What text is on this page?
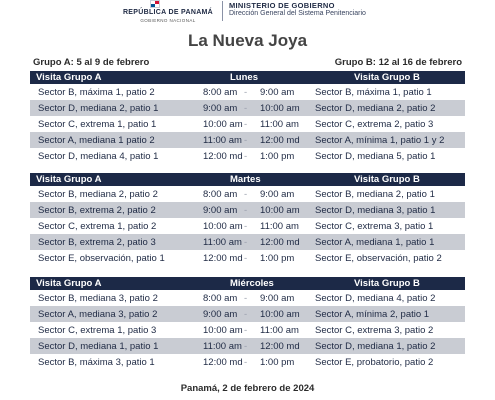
REPÚBLICA DE PANAMÁ
GOBIERNO NACIONAL
MINISTERIO DE GOBIERNO
Dirección General del Sistema Penitenciario
La Nueva Joya
Grupo A: 5 al 9 de febrero	Grupo B: 12 al 16 de febrero
Visita Grupo A	Lunes	Visita Grupo B
Sector B, máxima 1, patio 2	8:00 am - 9:00 am Sector B, máxima 1, patio 1
Sector D, mediana 2, patio 1	9:00 am - 10:00 am Sector D, mediana 2, patio 2
Sector C, extrema 1, patio 1	10:00 am - 11:00 am Sector C, extrema 2, patio 3
Sector A, mediana 1 patio 2	11:00 am - 12:00 md Sector A, mínima 1, patio 1 y 2
Sector D, mediana 4, patio 1	12:00 md - 1:00 pm Sector D, mediana 5, patio 1
Visita Grupo A	Martes	Visita Grupo B
Sector B, mediana 2, patio 2	8:00 am - 9:00 am Sector B, mediana 2, patio 1
Sector B, extrema 2, patio 2	9:00 am - 10:00 am Sector D, mediana 3, patio 1
Sector C, extrema 1, patio 2	10:00 am - 11:00 am Sector C, extrema 3, patio 1
Sector B, extrema 2, patio 3	11:00 am - 12:00 md Sector A, mediana 1, patio 1
Sector E, observación, patio 1	12:00 md - 1:00 pm Sector E, observación, patio 2
Visita Grupo A	Miércoles	Visita Grupo B
Sector B, mediana 3, patio 2	8:00 am - 9:00 am Sector D, mediana 4, patio 2
Sector A, mediana 3, patio 2	9:00 am - 10:00 am Sector A, mínima 2, patio 1
Sector C, extrema 1, patio 3	10:00 am - 11:00 am Sector C, extrema 3, patio 2
Sector D, mediana 1, patio 1	11:00 am - 12:00 md Sector D, mediana 1, patio 2
Sector B, máxima 3, patio 1	12:00 md - 1:00 pm Sector E, probatorio, patio 2
Panamá, 2 de febrero de 2024
